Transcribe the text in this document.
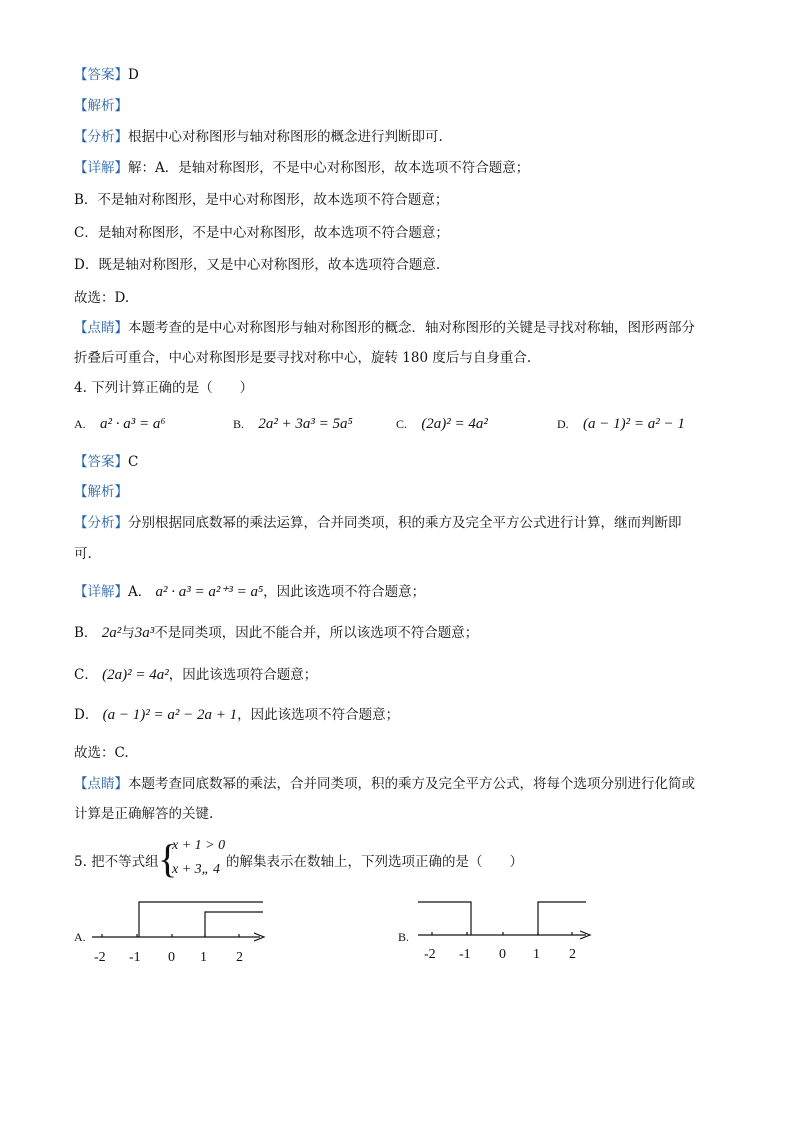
【答案】D
【解析】
【分析】根据中心对称图形与轴对称图形的概念进行判断即可.
【详解】解：A．是轴对称图形，不是中心对称图形，故本选项不符合题意；
B．不是轴对称图形，是中心对称图形，故本选项不符合题意；
C．是轴对称图形，不是中心对称图形，故本选项不符合题意；
D．既是轴对称图形，又是中心对称图形，故本选项符合题意.
故选：D.
【点睛】本题考查的是中心对称图形与轴对称图形的概念．轴对称图形的关键是寻找对称轴，图形两部分
折叠后可重合，中心对称图形是要寻找对称中心，旋转 180 度后与自身重合.
4. 下列计算正确的是（　　）
A. a² · a³ = a⁶	B. 2a² + 3a³ = 5a⁵	C. (2a)² = 4a²	D. (a − 1)² = a² − 1
【答案】C
【解析】
【分析】分别根据同底数幂的乘法运算，合并同类项，积的乘方及完全平方公式进行计算，继而判断即
可.
【详解】A． a² · a³ = a²⁺³ = a⁵，因此该选项不符合题意；
B． 2a²与3a³不是同类项，因此不能合并，所以该选项不符合题意；
C． (2a)² = 4a²，因此该选项符合题意；
D． (a − 1)² = a² − 2a + 1，因此该选项不符合题意；
故选：C.
【点睛】本题考查同底数幂的乘法，合并同类项，积的乘方及完全平方公式，将每个选项分别进行化简或
计算是正确解答的关键.
5. 把不等式组 {
x + 1 > 0
x + 3„ 4 的解集表示在数轴上，下列选项正确的是（　　）
A.
-2 -1 0 1 2
B.
-2 -1 0 1 2
